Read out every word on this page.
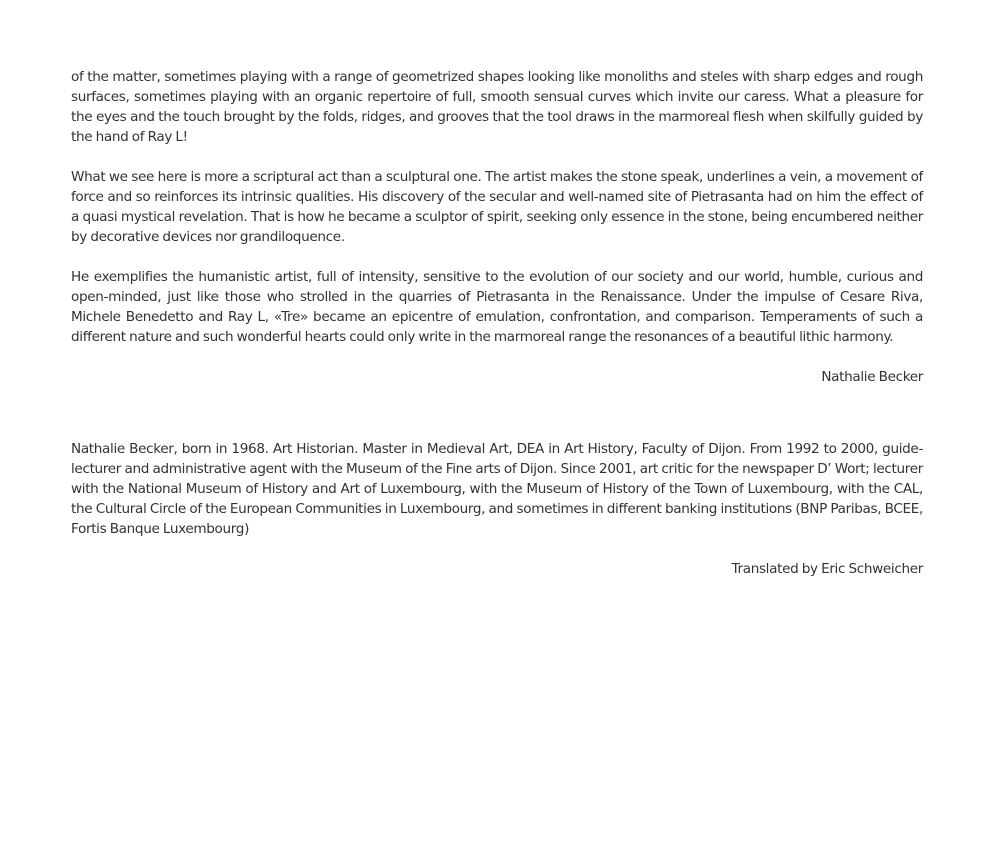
of the matter, sometimes playing with a range of geometrized shapes looking like monoliths and steles with sharp edges and rough surfaces, sometimes playing with an organic repertoire of full, smooth sensual curves which invite our caress. What a pleasure for the eyes and the touch brought by the folds, ridges, and grooves that the tool draws in the marmoreal flesh when skilfully guided by the hand of Ray L!

What we see here is more a scriptural act than a sculptural one. The artist makes the stone speak, underlines a vein, a movement of force and so reinforces its intrinsic qualities. His discovery of the secular and well-named site of Pietrasanta had on him the effect of a quasi mystical revelation. That is how he became a sculptor of spirit, seeking only essence in the stone, being encumbered neither by decorative devices nor grandiloquence.

He exemplifies the humanistic artist, full of intensity, sensitive to the evolution of our society and our world, humble, curious and open-minded, just like those who strolled in the quarries of Pietrasanta in the Renaissance. Under the impulse of Cesare Riva, Michele Benedetto and Ray L, «Tre» became an epicentre of emulation, confrontation, and comparison. Temperaments of such a different nature and such wonderful hearts could only write in the marmoreal range the resonances of a beautiful lithic harmony.

Nathalie Becker

Nathalie Becker, born in 1968. Art Historian. Master in Medieval Art, DEA in Art History, Faculty of Dijon. From 1992 to 2000, guide-lecturer and administrative agent with the Museum of the Fine arts of Dijon. Since 2001, art critic for the newspaper D’ Wort; lecturer with the National Museum of History and Art of Luxembourg, with the Museum of History of the Town of Luxembourg, with the CAL, the Cultural Circle of the European Communities in Luxembourg, and sometimes in different banking institutions (BNP Paribas, BCEE, Fortis Banque Luxembourg)

Translated by Eric Schweicher
